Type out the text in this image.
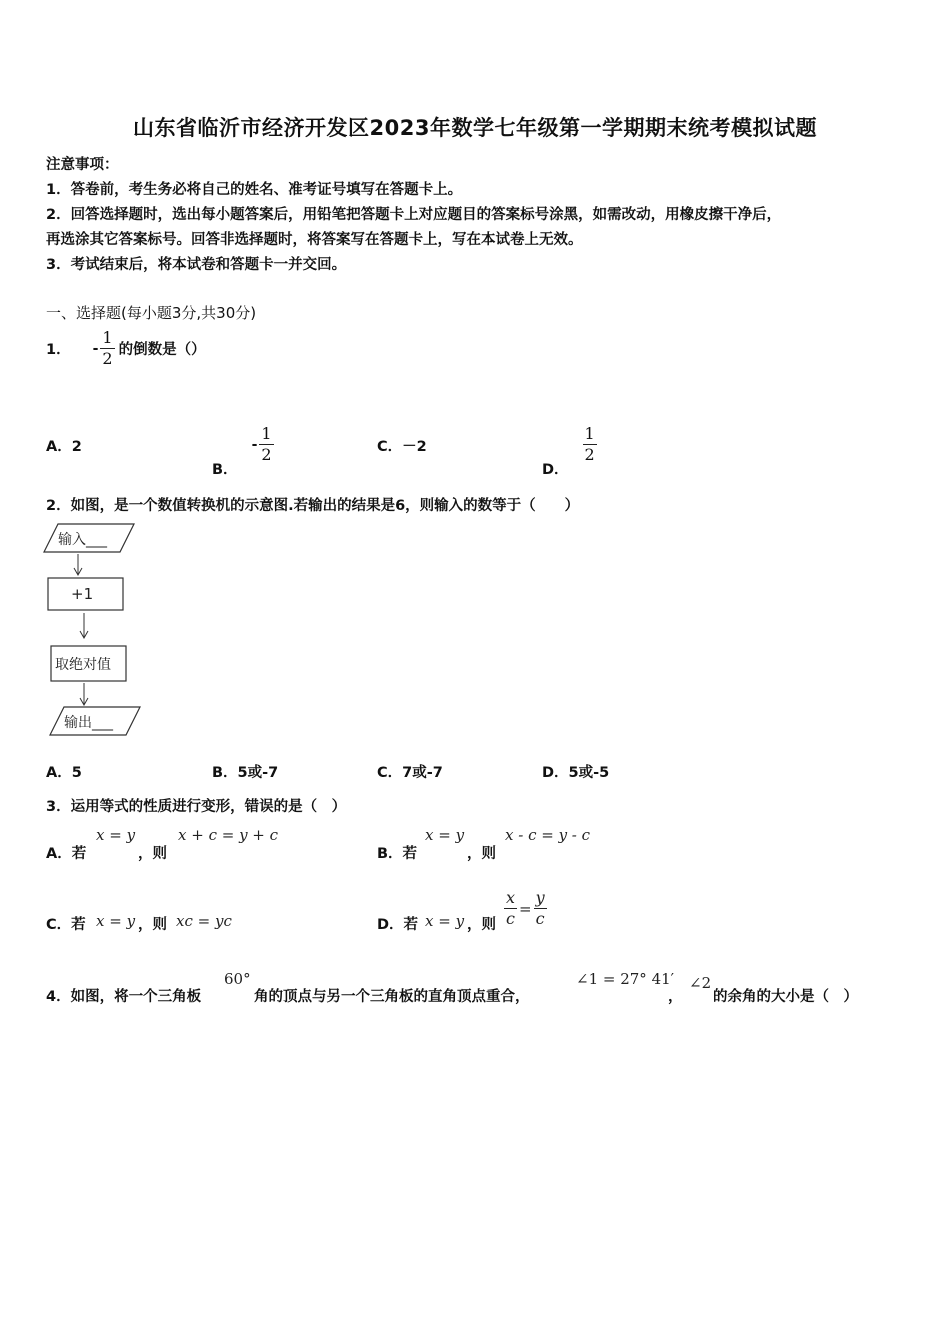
山东省临沂市经济开发区2023年数学七年级第一学期期末统考模拟试题
注意事项：
1．答卷前，考生务必将自己的姓名、准考证号填写在答题卡上。
2．回答选择题时，选出每小题答案后，用铅笔把答题卡上对应题目的答案标号涂黑，如需改动，用橡皮擦干净后，
再选涂其它答案标号。回答非选择题时，将答案写在答题卡上，写在本试卷上无效。
3．考试结束后，将本试卷和答题卡一并交回。
一、选择题(每小题3分,共30分)
1． - $\frac{1}{2}$ 的倒数是（）
A．2
B．
- $\frac{1}{2}$	C．－2
D．
$\frac{1}{2}$
2．如图，是一个数值转换机的示意图.若输出的结果是6，则输入的数等于（　　）
输入___
+1
取绝对值
输出___
A．5	B．5或-7	C．7或-7	D．5或-5
3．运用等式的性质进行变形，错误的是（　）
A．若
x = y
，则
x + c = y + c
B．若
x = y
，则
x - c = y - c
C．若 x = y ，则 xc = yc	D．若 x = y ，则 $\frac{x}{c} = \frac{y}{c}$
4．如图，将一个三角板
60°
角的顶点与另一个三角板的直角顶点重合，
∠1 = 27° 41′
，
∠2
的余角的大小是（　）
